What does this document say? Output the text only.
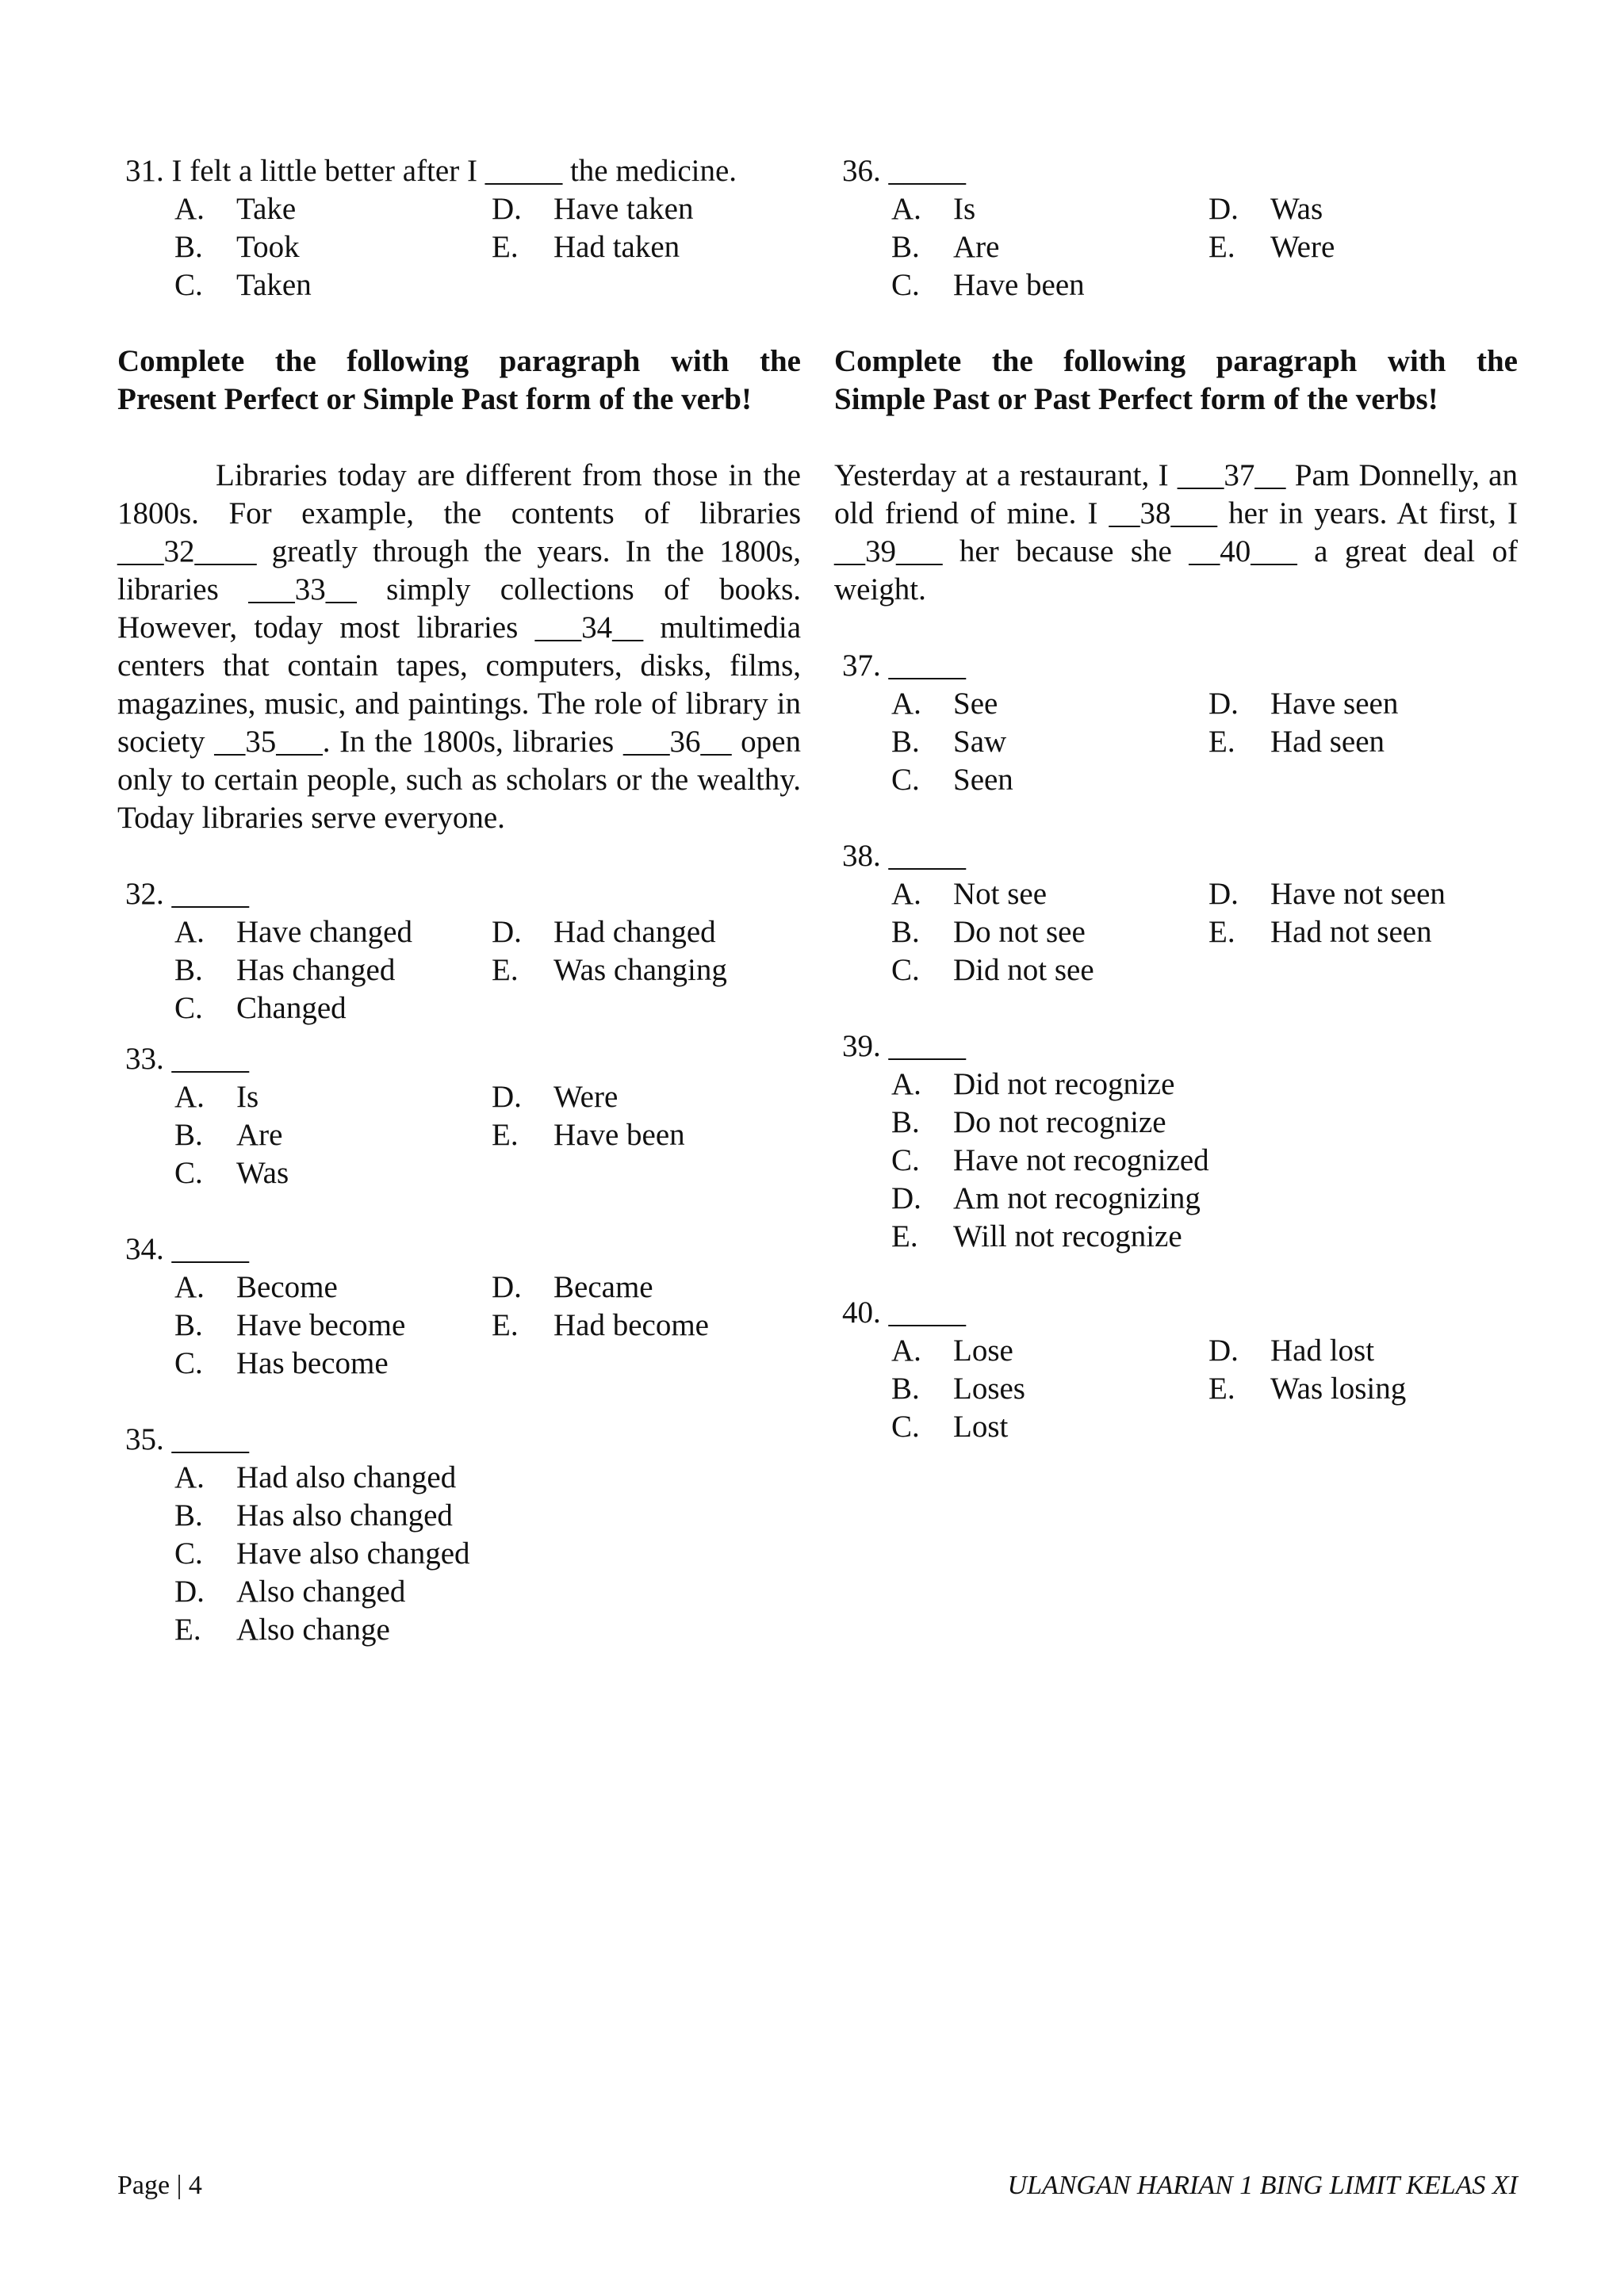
31. I felt a little better after I _____ the medicine.
A.	Take	D.	Have taken
B.	Took	E.	Had taken
C.	Taken
Complete the following paragraph with the
Present Perfect or Simple Past form of the verb!

Libraries today are different from those in the 1800s. For example, the contents of libraries ___32____ greatly through the years. In the 1800s, libraries ___33__ simply collections of books. However, today most libraries ___34__ multimedia centers that contain tapes, computers, disks, films, magazines, music, and paintings. The role of library in society __35___. In the 1800s, libraries ___36__ open only to certain people, such as scholars or the wealthy. Today libraries serve everyone.

32. _____
A.	Have changed	D.	Had changed
B.	Has changed	E.	Was changing
C.	Changed
33. _____
A.	Is	D.	Were
B.	Are	E.	Have been
C.	Was
34. _____
A.	Become	D.	Became
B.	Have become	E.	Had become
C.	Has become
35. _____
A.	Had also changed
B.	Has also changed
C.	Have also changed
D.	Also changed
E.	Also change
36. _____
A.	Is	D.	Was
B.	Are	E.	Were
C.	Have been
Complete the following paragraph with the
Simple Past or Past Perfect form of the verbs!

Yesterday at a restaurant, I ___37__ Pam Donnelly, an old friend of mine. I __38___ her in years. At first, I __39___ her because she __40___ a great deal of weight.

37. _____
A.	See	D.	Have seen
B.	Saw	E.	Had seen
C.	Seen
38. _____
A.	Not see	D.	Have not seen
B.	Do not see	E.	Had not seen
C.	Did not see
39. _____
A.	Did not recognize
B.	Do not recognize
C.	Have not recognized
D.	Am not recognizing
E.	Will not recognize
40. _____
A.	Lose	D.	Had lost
B.	Loses	E.	Was losing
C.	Lost
Page | 4	ULANGAN HARIAN 1 BING LIMIT KELAS XI
